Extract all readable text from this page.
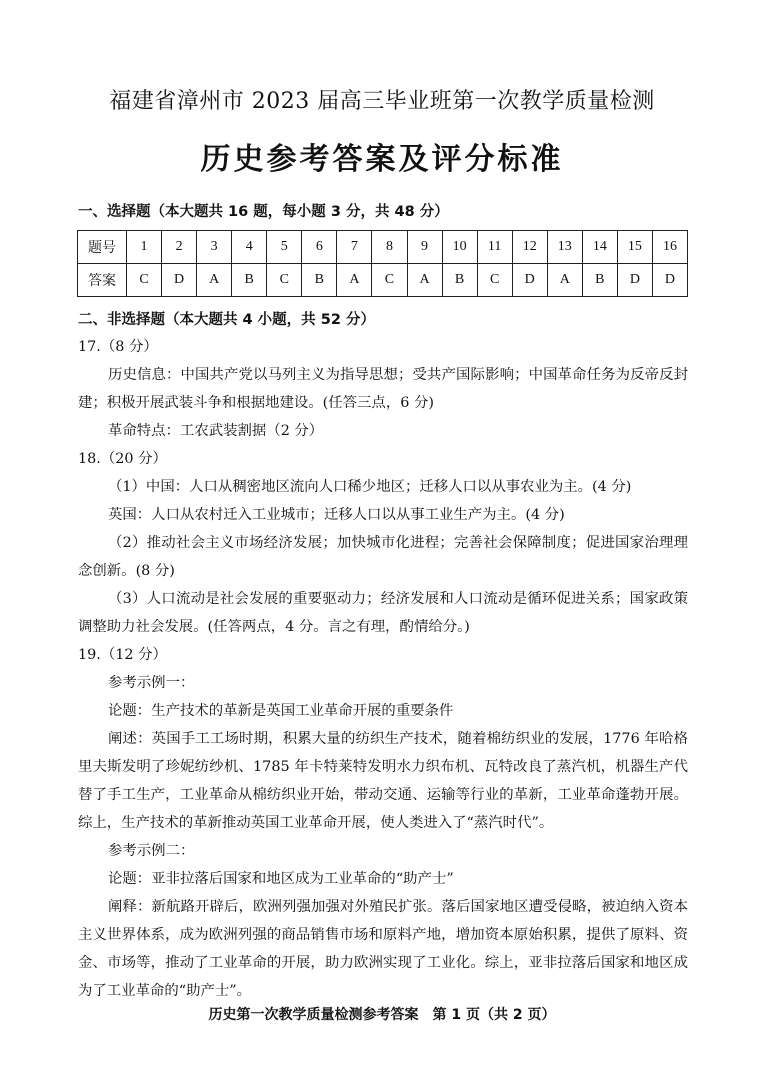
福建省漳州市 2023 届高三毕业班第一次教学质量检测
历史参考答案及评分标准
一、选择题（本大题共 16 题，每小题 3 分，共 48 分）
题号	1	2	3	4	5	6	7	8	9	10	11	12	13	14	15	16
答案	C	D	A	B	C	B	A	C	A	B	C	D	A	B	D	D
二、非选择题（本大题共 4 小题，共 52 分）

17.（8 分）

历史信息：中国共产党以马列主义为指导思想；受共产国际影响；中国革命任务为反帝反封建；积极开展武装斗争和根据地建设。(任答三点，6 分)

革命特点：工农武装割据（2 分）

18.（20 分）

（1）中国：人口从稠密地区流向人口稀少地区；迁移人口以从事农业为主。(4 分)

英国：人口从农村迁入工业城市；迁移人口以从事工业生产为主。(4 分)

（2）推动社会主义市场经济发展；加快城市化进程；完善社会保障制度；促进国家治理理念创新。(8 分)

（3）人口流动是社会发展的重要驱动力；经济发展和人口流动是循环促进关系；国家政策调整助力社会发展。(任答两点，4 分。言之有理，酌情给分。)

19.（12 分）

参考示例一：

论题：生产技术的革新是英国工业革命开展的重要条件

阐述：英国手工工场时期，积累大量的纺织生产技术，随着棉纺织业的发展，1776 年哈格里夫斯发明了珍妮纺纱机、1785 年卡特莱特发明水力织布机、瓦特改良了蒸汽机，机器生产代替了手工生产，工业革命从棉纺织业开始，带动交通、运输等行业的革新，工业革命蓬勃开展。综上，生产技术的革新推动英国工业革命开展，使人类进入了“蒸汽时代”。

参考示例二：

论题：亚非拉落后国家和地区成为工业革命的“助产士”

阐释：新航路开辟后，欧洲列强加强对外殖民扩张。落后国家地区遭受侵略，被迫纳入资本主义世界体系，成为欧洲列强的商品销售市场和原料产地，增加资本原始积累，提供了原料、资金、市场等，推动了工业革命的开展，助力欧洲实现了工业化。综上，亚非拉落后国家和地区成为了工业革命的“助产士”。

历史第一次教学质量检测参考答案　第 1 页（共 2 页）
